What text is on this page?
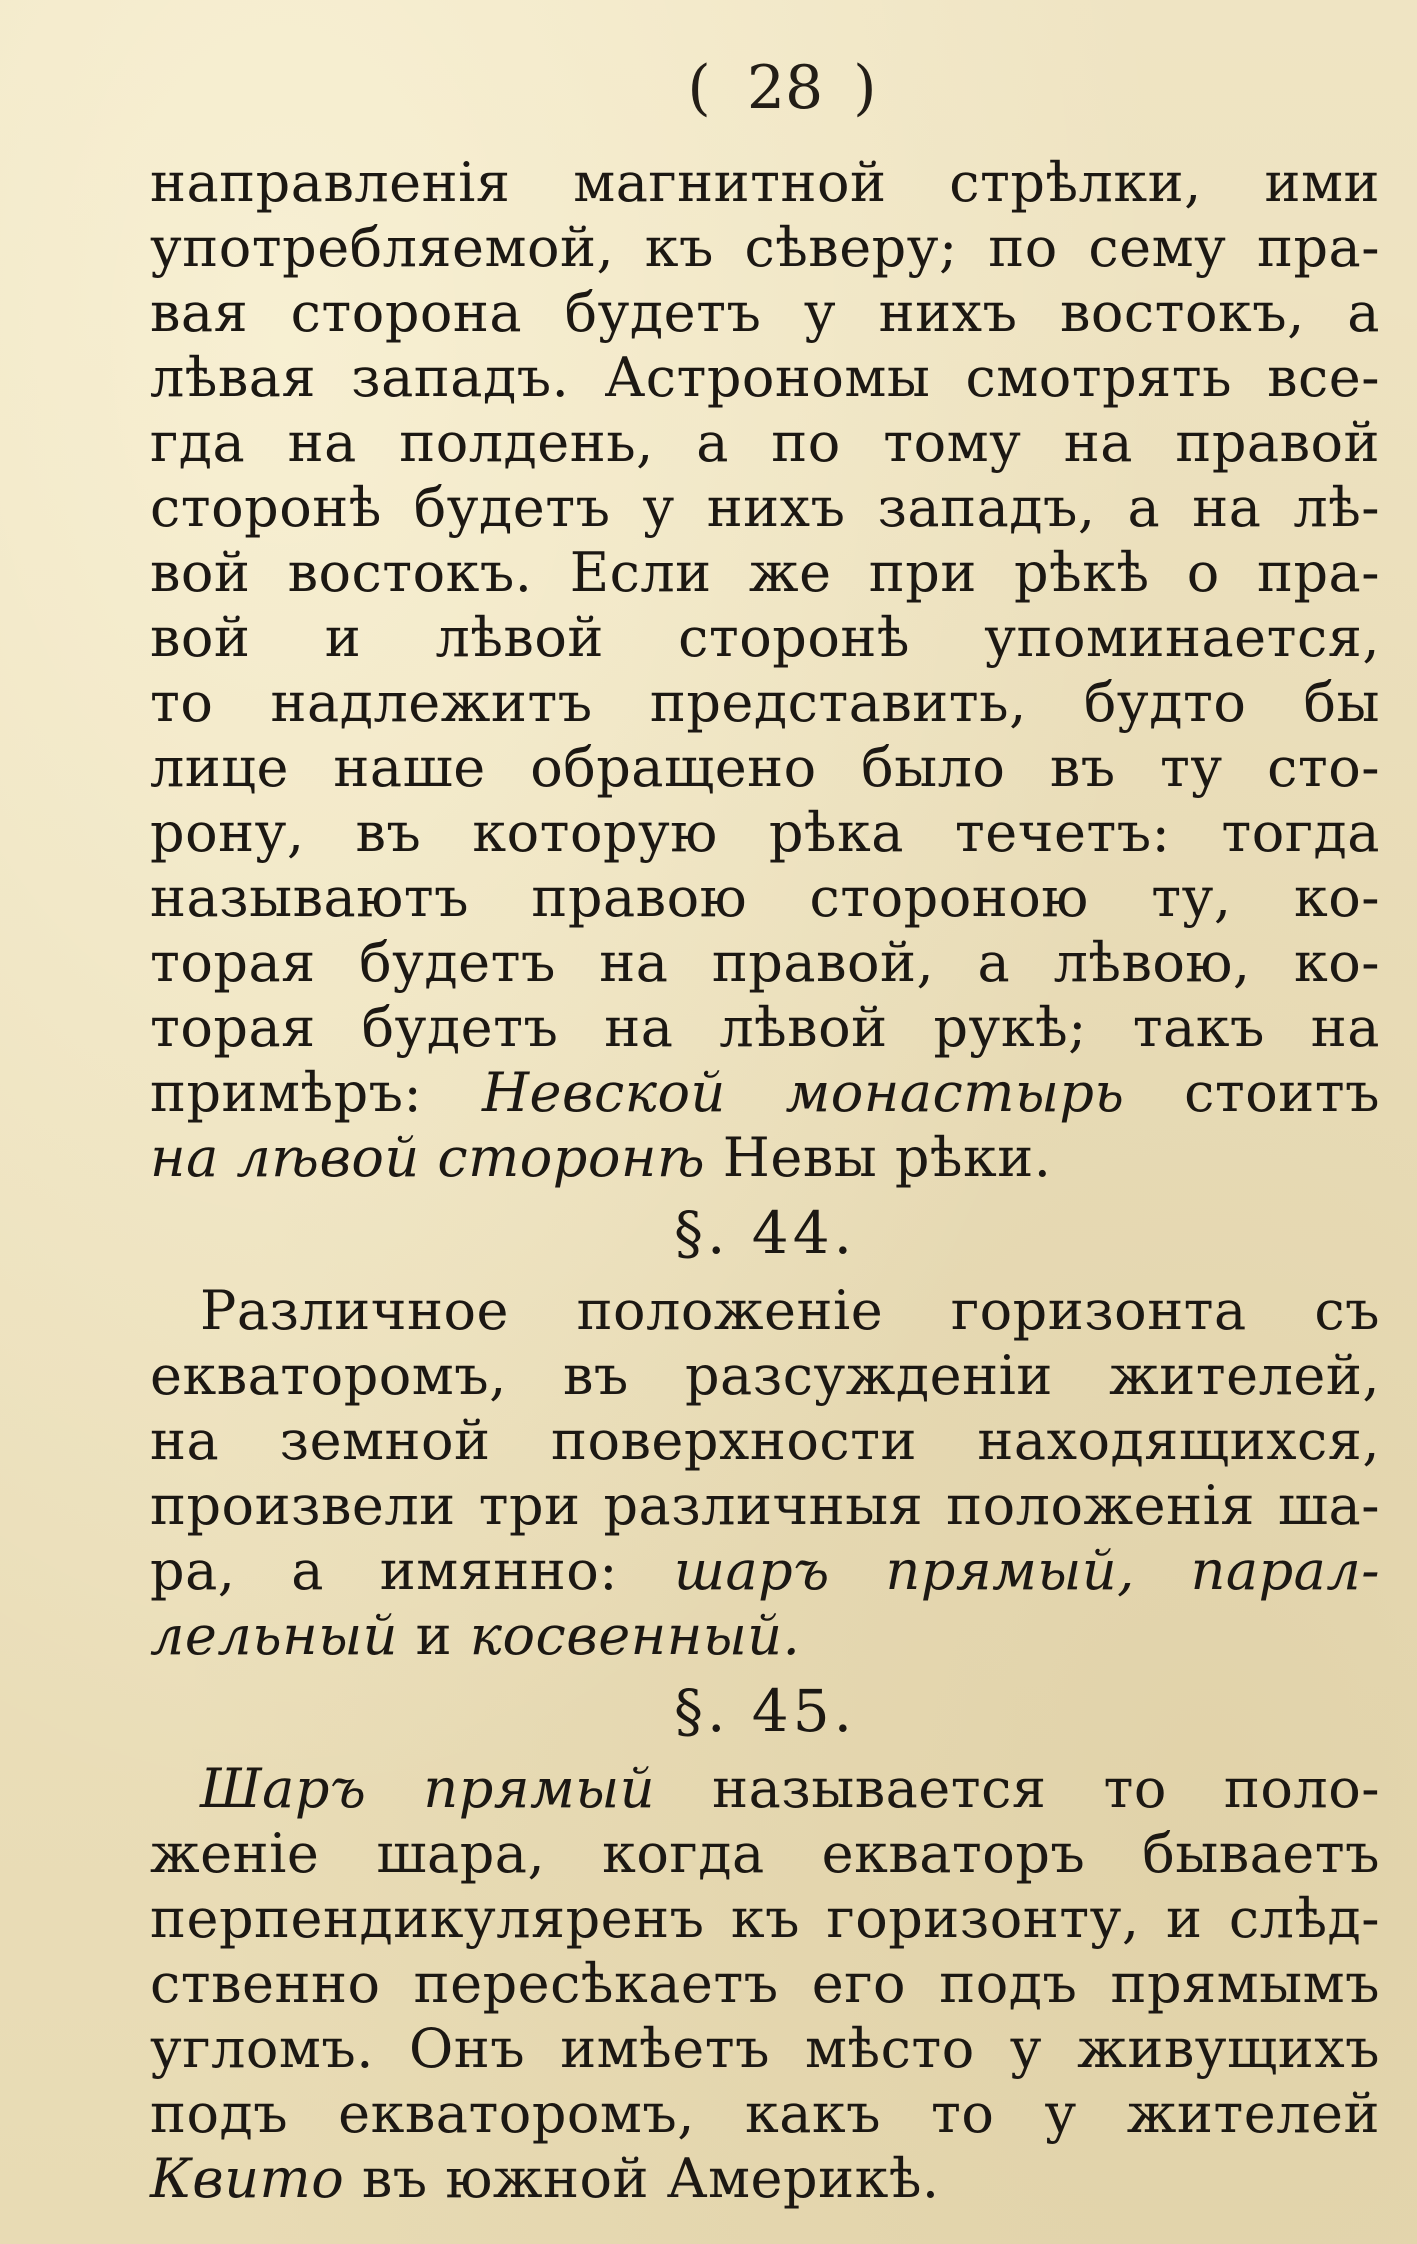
( 28 )
направленія магнитной стрѣлки, ими
употребляемой, къ сѣверу; по сему пра-
вая сторона будетъ у нихъ востокъ, а
лѣвая западъ. Астрономы смотрять все-
гда на полдень, а по тому на правой
сторонѣ будетъ у нихъ западъ, а на лѣ-
вой востокъ. Если же при рѣкѣ о пра-
вой и лѣвой сторонѣ упоминается,
то надлежитъ представить, будто бы
лице наше обращено было въ ту сто-
рону, въ которую рѣка течетъ: тогда
называютъ правою стороною ту, ко-
торая будетъ на правой, а лѣвою, ко-
торая будетъ на лѣвой рукѣ; такъ на
примѣръ: Невской монастырь стоитъ
на лѣвой сторонѣ Невы рѣки.
§. 44.
Различное положеніе горизонта съ
екваторомъ, въ разсужденіи жителей,
на земной поверхности находящихся,
произвели три различныя положенія ша-
ра, а имянно: шаръ прямый, парал-
лельный и косвенный.
§. 45.
Шаръ прямый называется то поло-
женіе шара, когда екваторъ бываетъ
перпендикуляренъ къ горизонту, и слѣд-
ственно пересѣкаетъ его подъ прямымъ
угломъ. Онъ имѣетъ мѣсто у живущихъ
подъ екваторомъ, какъ то у жителей
Квито въ южной Америкѣ.
